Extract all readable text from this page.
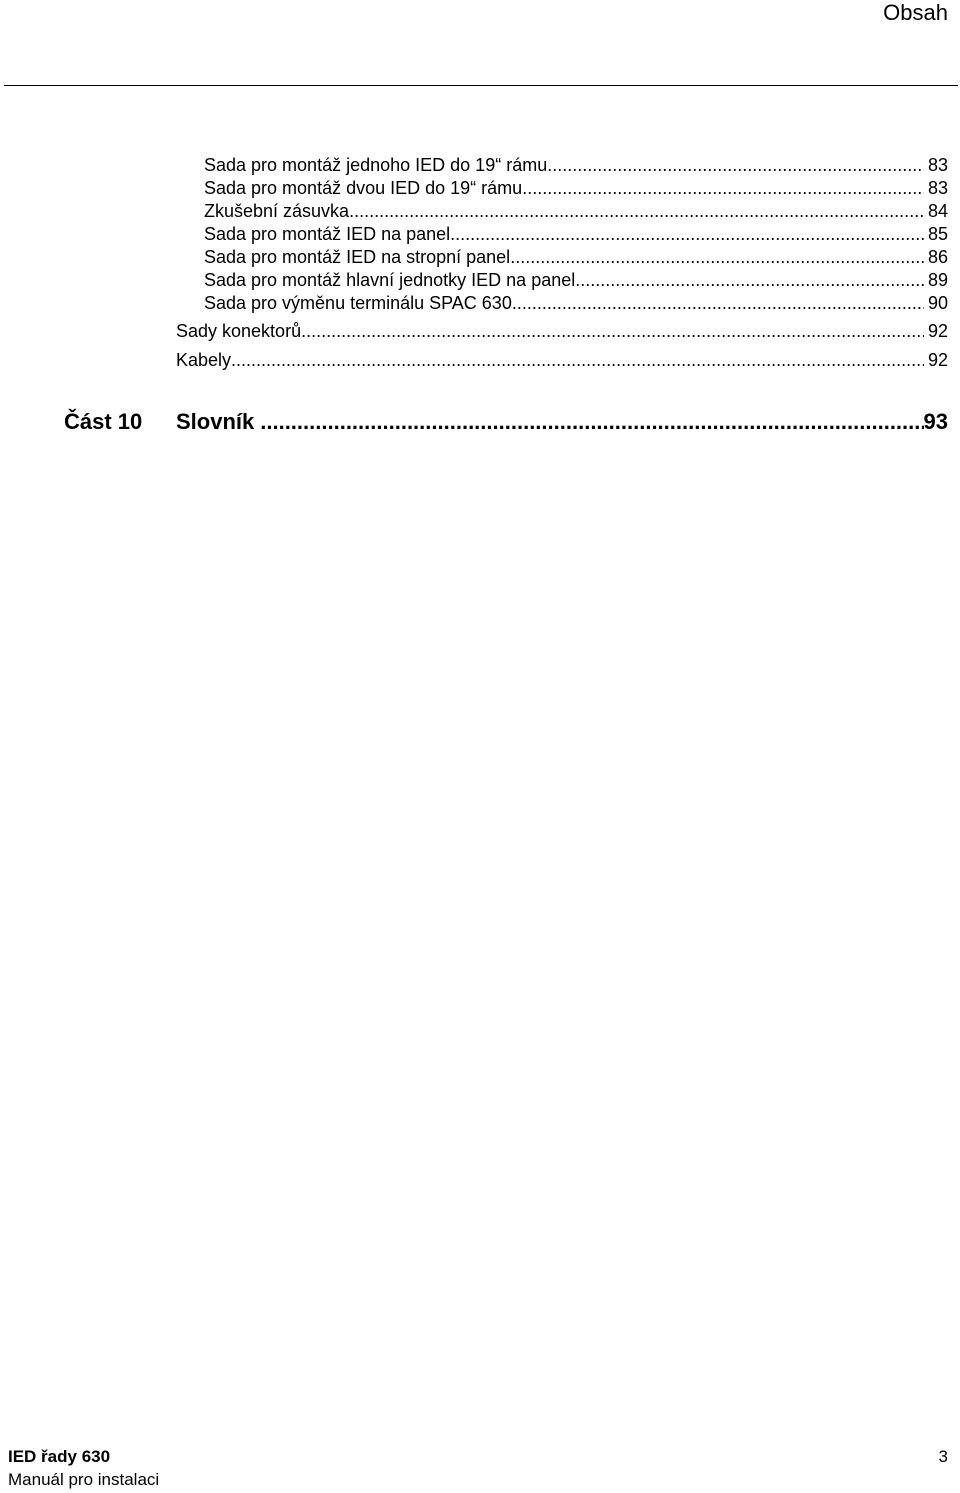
Obsah
Sada pro montáž jednoho IED do 19“ rámu .....	83
Sada pro montáž dvou IED do 19“ rámu .....	83
Zkušební zásuvka .....	84
Sada pro montáž IED na panel .....	85
Sada pro montáž IED na stropní panel .....	86
Sada pro montáž hlavní jednotky IED na panel .....	89
Sada pro výměnu terminálu SPAC 630 .....	90
Sady konektorů .....	92
Kabely .....	92
Část 10	Slovník .....	93
IED řady 630
Manuál pro instalaci
3
